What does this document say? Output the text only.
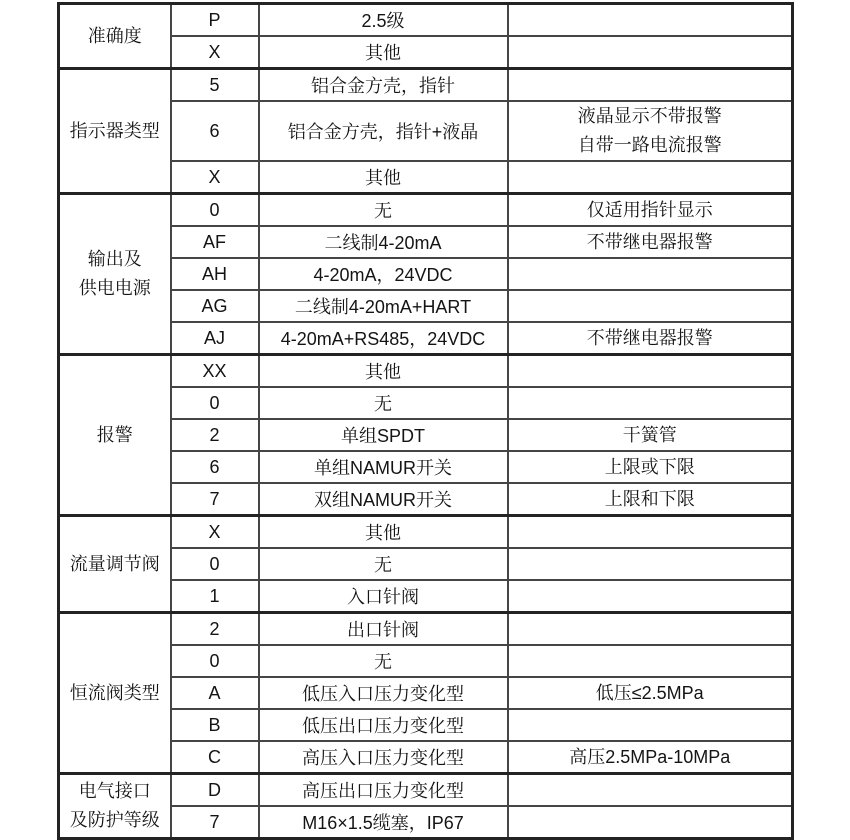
准确度	P	2.5级	
	X	其他	

指示器类型	5	铝合金方壳，指针	
	6	铝合金方壳，指针+液晶	液晶显示不带报警
自带一路电流报警

	X	其他	

输出及
供电电源	0	无	仅适用指针显示

	AF	二线制4-20mA	不带继电器报警

	AH	4-20mA，24VDC	
	AG	二线制4-20mA+HART	
	AJ	4-20mA+RS485，24VDC	不带继电器报警

报警	XX	其他	
	0	无	
	2	单组SPDT	干簧管

	6	单组NAMUR开关	上限或下限

	7	双组NAMUR开关	上限和下限

流量调节阀	X	其他	
	0	无	
	1	入口针阀	

恒流阀类型	2	出口针阀	
	0	无	
	A	低压入口压力变化型	低压≤2.5MPa

	B	低压出口压力变化型	
	C	高压入口压力变化型	高压2.5MPa-10MPa

电气接口
及防护等级	D	高压出口压力变化型	
	7	M16×1.5缆塞，IP67	
